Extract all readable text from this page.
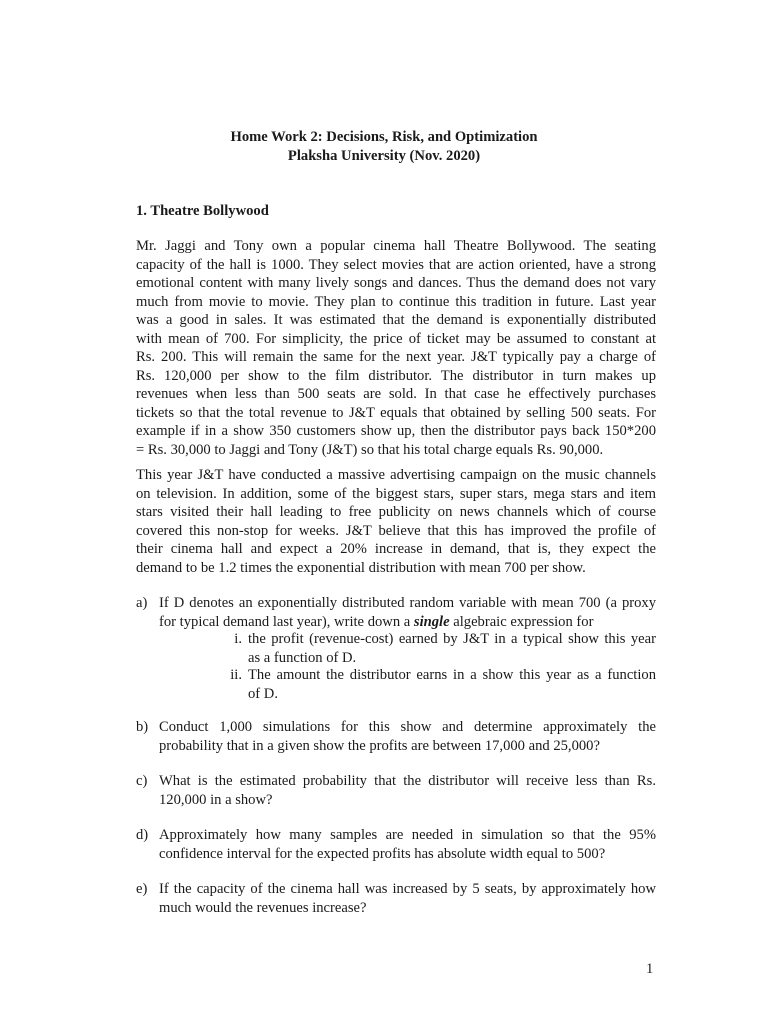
Home Work 2: Decisions, Risk, and Optimization
Plaksha University (Nov. 2020)
1. Theatre Bollywood
Mr. Jaggi and Tony own a popular cinema hall Theatre Bollywood. The seating
capacity of the hall is 1000. They select movies that are action oriented, have a strong
emotional content with many lively songs and dances. Thus the demand does not vary
much from movie to movie. They plan to continue this tradition in future. Last year
was a good in sales. It was estimated that the demand is exponentially distributed
with mean of 700. For simplicity, the price of ticket may be assumed to constant at
Rs. 200. This will remain the same for the next year. J&T typically pay a charge of
Rs. 120,000 per show to the film distributor. The distributor in turn makes up
revenues when less than 500 seats are sold. In that case he effectively purchases
tickets so that the total revenue to J&T equals that obtained by selling 500 seats. For
example if in a show 350 customers show up, then the distributor pays back 150*200
= Rs. 30,000 to Jaggi and Tony (J&T) so that his total charge equals Rs. 90,000.
This year J&T have conducted a massive advertising campaign on the music channels
on television. In addition, some of the biggest stars, super stars, mega stars and item
stars visited their hall leading to free publicity on news channels which of course
covered this non-stop for weeks. J&T believe that this has improved the profile of
their cinema hall and expect a 20% increase in demand, that is, they expect the
demand to be 1.2 times the exponential distribution with mean 700 per show.
a) If D denotes an exponentially distributed random variable with mean 700 (a proxy
for typical demand last year), write down a single algebraic expression for
i. the profit (revenue-cost) earned by J&T in a typical show this year
as a function of D.
ii. The amount the distributor earns in a show this year as a function
of D.
b) Conduct 1,000 simulations for this show and determine approximately the
probability that in a given show the profits are between 17,000 and 25,000?
c) What is the estimated probability that the distributor will receive less than Rs.
120,000 in a show?
d) Approximately how many samples are needed in simulation so that the 95%
confidence interval for the expected profits has absolute width equal to 500?
e) If the capacity of the cinema hall was increased by 5 seats, by approximately how
much would the revenues increase?
1
